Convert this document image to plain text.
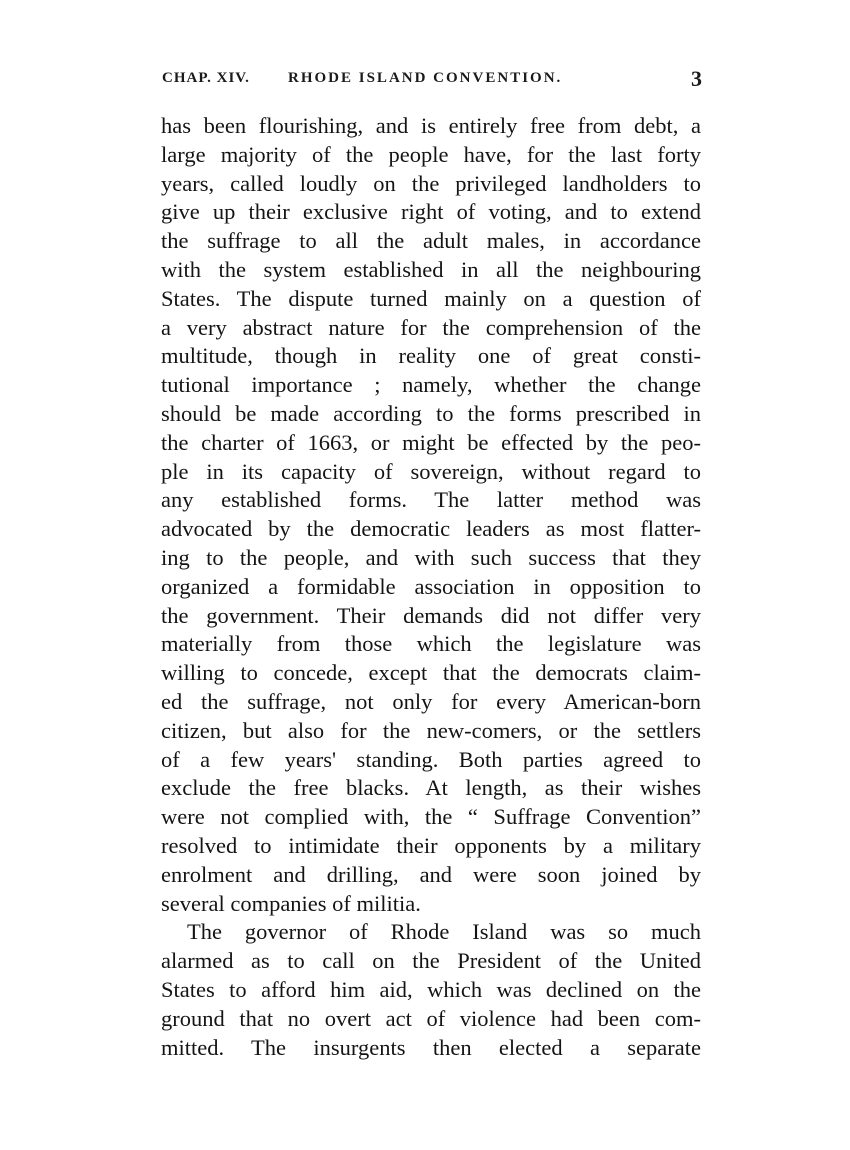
CHAP. XIV.	RHODE ISLAND CONVENTION.	3
has been flourishing, and is entirely free from debt, a
large majority of the people have, for the last forty
years, called loudly on the privileged landholders to
give up their exclusive right of voting, and to extend
the suffrage to all the adult males, in accordance
with the system established in all the neighbouring
States. The dispute turned mainly on a question of
a very abstract nature for the comprehension of the
multitude, though in reality one of great consti-
tutional importance ; namely, whether the change
should be made according to the forms prescribed in
the charter of 1663, or might be effected by the peo-
ple in its capacity of sovereign, without regard to
any established forms. The latter method was
advocated by the democratic leaders as most flatter-
ing to the people, and with such success that they
organized a formidable association in opposition to
the government. Their demands did not differ very
materially from those which the legislature was
willing to concede, except that the democrats claim-
ed the suffrage, not only for every American-born
citizen, but also for the new-comers, or the settlers
of a few years' standing. Both parties agreed to
exclude the free blacks. At length, as their wishes
were not complied with, the “ Suffrage Convention”
resolved to intimidate their opponents by a military
enrolment and drilling, and were soon joined by
several companies of militia.
The governor of Rhode Island was so much
alarmed as to call on the President of the United
States to afford him aid, which was declined on the
ground that no overt act of violence had been com-
mitted. The insurgents then elected a separate
